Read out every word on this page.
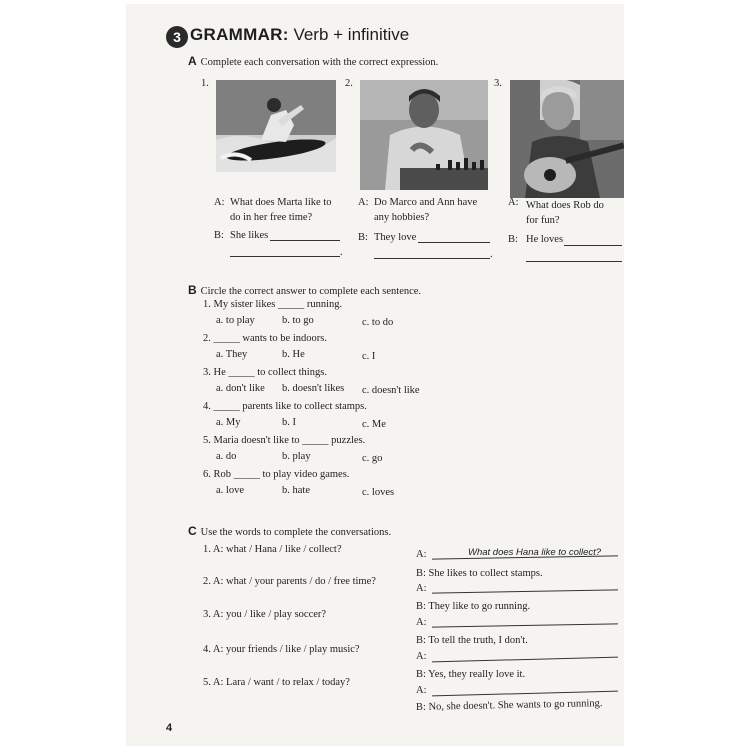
3 GRAMMAR: Verb + infinitive
A Complete each conversation with the correct expression.
1.	2.	3.
A: What does Marta like to
do in her free time?
B: She likes
.
A: Do Marco and Ann have
any hobbies?
B: They love
.
A: What does Rob do
for fun?
B: He loves
B Circle the correct answer to complete each sentence.
1. My sister likes _____ running.
a. to play	b. to go	c. to do
2. _____ wants to be indoors.
a. They	b. He	c. I
3. He _____ to collect things.
a. don't like b. doesn't likes c. doesn't like
4. _____ parents like to collect stamps.
a. My	b. I	c. Me
5. Maria doesn't like to _____ puzzles.
a. do	b. play	c. go
6. Rob _____ to play video games.
a. love	b. hate	c. loves
C Use the words to complete the conversations.
1. A: what / Hana / like / collect?
2. A: what / your parents / do / free time?
3. A: you / like / play soccer?
4. A: your friends / like / play music?
5. A: Lara / want / to relax / today?
A:	What does Hana like to collect?
B: She likes to collect stamps.
A:
B: They like to go running.
A:
B: To tell the truth, I don't.
A:
B: Yes, they really love it.
A:
B: No, she doesn't. She wants to go running.
4
